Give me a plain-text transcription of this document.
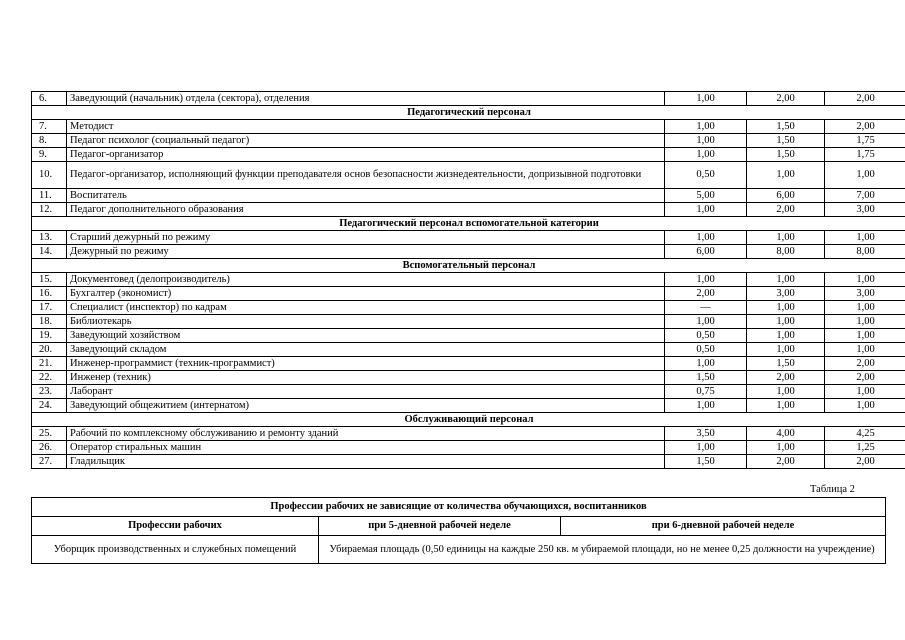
6.	Заведующий (начальник) отдела (сектора), отделения	1,00	2,00	2,00
Педагогический персонал				
7.	Методист	1,00	1,50	2,00
8.	Педагог психолог (социальный педагог)	1,00	1,50	1,75
9.	Педагог-организатор	1,00	1,50	1,75
10.	Педагог-организатор, исполняющий функции преподавателя основ безопасности жизнедеятельности, допризывной подготовки	0,50	1,00	1,00
11.	Воспитатель	5,00	6,00	7,00
12.	Педагог дополнительного образования	1,00	2,00	3,00
Педагогический персонал вспомогательной категории				
13.	Старший дежурный по режиму	1,00	1,00	1,00
14.	Дежурный по режиму	6,00	8,00	8,00
Вспомогательный персонал				
15.	Документовед (делопроизводитель)	1,00	1,00	1,00
16.	Бухгалтер (экономист)	2,00	3,00	3,00
17.	Специалист (инспектор) по кадрам	—	1,00	1,00
18.	Библиотекарь	1,00	1,00	1,00
19.	Заведующий хозяйством	0,50	1,00	1,00
20.	Заведующий складом	0,50	1,00	1,00
21.	Инженер-программист (техник-программист)	1,00	1,50	2,00
22.	Инженер (техник)	1,50	2,00	2,00
23.	Лаборант	0,75	1,00	1,00
24.	Заведующий общежитием (интернатом)	1,00	1,00	1,00
Обслуживающий персонал				
25.	Рабочий по комплексному обслуживанию и ремонту зданий	3,50	4,00	4,25
26.	Оператор стиральных машин	1,00	1,00	1,25
27.	Гладильщик	1,50	2,00	2,00
Таблица 2
Профессии рабочих не зависящие от количества обучающихся, воспитанников		
Профессии рабочих	при 5-дневной рабочей неделе	при 6-дневной рабочей неделе
Уборщик производственных и служебных помещений	Убираемая площадь (0,50 единицы на каждые 250 кв. м убираемой площади, но не менее 0,25 должности на учреждение)	
